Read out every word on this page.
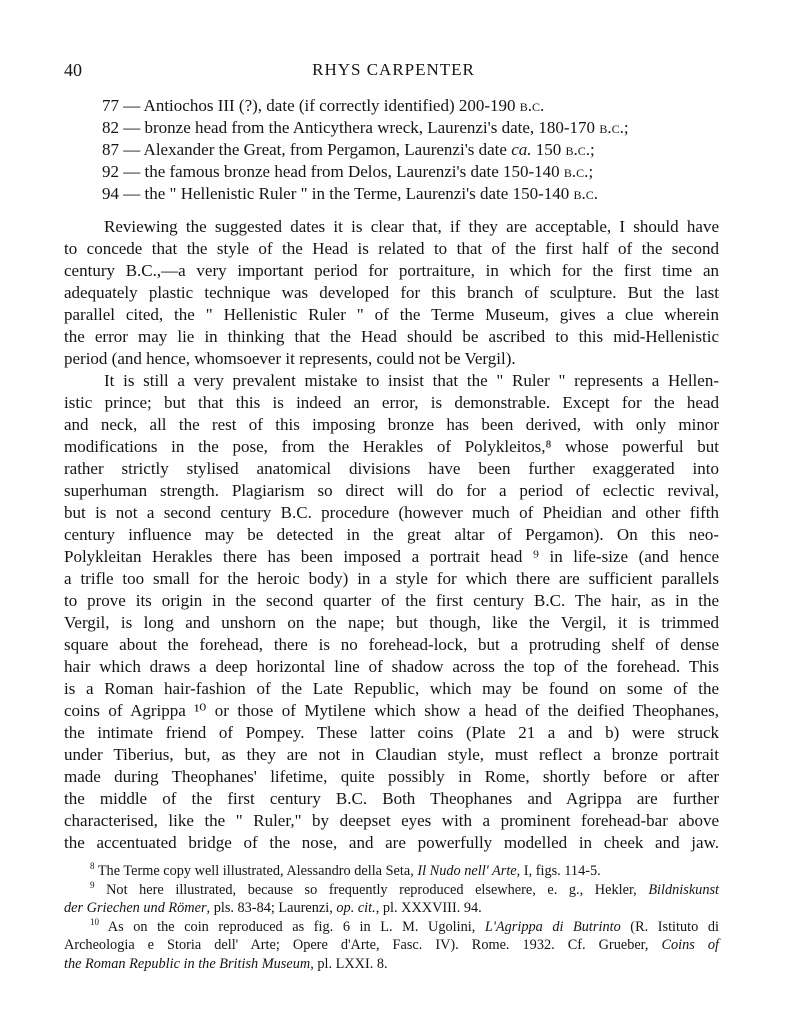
40	RHYS CARPENTER
77 — Antiochos III (?), date (if correctly identified) 200-190 b.c.
82 — bronze head from the Anticythera wreck, Laurenzi's date, 180-170 b.c.;
87 — Alexander the Great, from Pergamon, Laurenzi's date ca. 150 b.c.;
92 — the famous bronze head from Delos, Laurenzi's date 150-140 b.c.;
94 — the " Hellenistic Ruler " in the Terme, Laurenzi's date 150-140 b.c.
Reviewing the suggested dates it is clear that, if they are acceptable, I should have
to concede that the style of the Head is related to that of the first half of the second
century B.C.,—a very important period for portraiture, in which for the first time an
adequately plastic technique was developed for this branch of sculpture. But the last
parallel cited, the " Hellenistic Ruler " of the Terme Museum, gives a clue wherein
the error may lie in thinking that the Head should be ascribed to this mid-Hellenistic
period (and hence, whomsoever it represents, could not be Vergil).
It is still a very prevalent mistake to insist that the " Ruler " represents a Hellen-
istic prince; but that this is indeed an error, is demonstrable. Except for the head
and neck, all the rest of this imposing bronze has been derived, with only minor
modifications in the pose, from the Herakles of Polykleitos,⁸ whose powerful but
rather strictly stylised anatomical divisions have been further exaggerated into
superhuman strength. Plagiarism so direct will do for a period of eclectic revival,
but is not a second century B.C. procedure (however much of Pheidian and other fifth
century influence may be detected in the great altar of Pergamon). On this neo-
Polykleitan Herakles there has been imposed a portrait head ⁹ in life-size (and hence
a trifle too small for the heroic body) in a style for which there are sufficient parallels
to prove its origin in the second quarter of the first century B.C. The hair, as in the
Vergil, is long and unshorn on the nape; but though, like the Vergil, it is trimmed
square about the forehead, there is no forehead-lock, but a protruding shelf of dense
hair which draws a deep horizontal line of shadow across the top of the forehead. This
is a Roman hair-fashion of the Late Republic, which may be found on some of the
coins of Agrippa ¹⁰ or those of Mytilene which show a head of the deified Theophanes,
the intimate friend of Pompey. These latter coins (Plate 21 a and b) were struck
under Tiberius, but, as they are not in Claudian style, must reflect a bronze portrait
made during Theophanes' lifetime, quite possibly in Rome, shortly before or after
the middle of the first century B.C. Both Theophanes and Agrippa are further
characterised, like the " Ruler," by deepset eyes with a prominent forehead-bar above
the accentuated bridge of the nose, and are powerfully modelled in cheek and jaw.
$^8$ The Terme copy well illustrated, Alessandro della Seta, Il Nudo nell' Arte, I, figs. 114-5.
$^9$ Not here illustrated, because so frequently reproduced elsewhere, e. g., Hekler, Bildniskunst
der Griechen und Römer, pls. 83-84; Laurenzi, op. cit., pl. XXXVIII. 94.
$^{10}$ As on the coin reproduced as fig. 6 in L. M. Ugolini, L'Agrippa di Butrinto (R. Istituto di
Archeologia e Storia dell' Arte; Opere d'Arte, Fasc. IV). Rome. 1932. Cf. Grueber, Coins of
the Roman Republic in the British Museum, pl. LXXI. 8.
